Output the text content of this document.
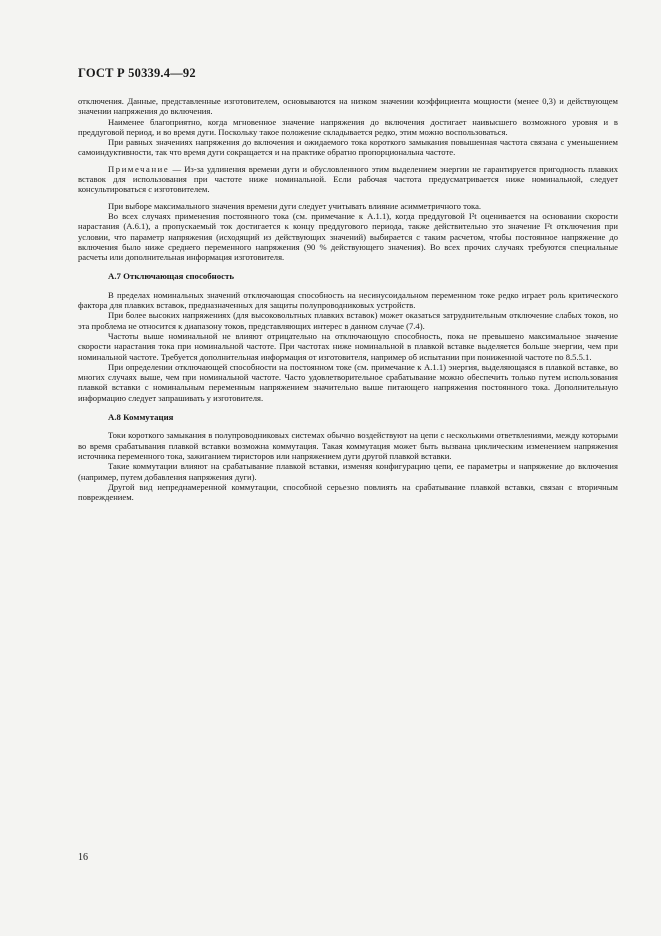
ГОСТ Р 50339.4—92

отключения. Данные, представленные изготовителем, основываются на низком значении коэффициента мощности (менее 0,3) и действующем значении напряжения до включения.

Наименее благоприятно, когда мгновенное значение напряжения до включения достигает наивысшего возможного уровня и в преддуговой период, и во время дуги. Поскольку такое положение складывается редко, этим можно воспользоваться.

При равных значениях напряжения до включения и ожидаемого тока короткого замыкания повышенная частота связана с уменьшением самоиндуктивности, так что время дуги сокращается и на практике обратно пропорциональна частоте.

Примечание — Из-за удлинения времени дуги и обусловленного этим выделением энергии не гарантируется пригодность плавких вставок для использования при частоте ниже номинальной. Если рабочая частота предусматривается ниже номинальной, следует консультироваться с изготовителем.

При выборе максимального значения времени дуги следует учитывать влияние асимметричного тока.

Во всех случаях применения постоянного тока (см. примечание к А.1.1), когда преддуговой I²t оценивается на основании скорости нарастания (А.6.1), а пропускаемый ток достигается к концу преддугового периода, также действительно это значение I²t отключения при условии, что параметр напряжения (исходящий из действующих значений) выбирается с таким расчетом, чтобы постоянное напряжение до включения было ниже среднего переменного напряжения (90 % действующего значения). Во всех прочих случаях требуются специальные расчеты или дополнительная информация изготовителя.

А.7 Отключающая способность

В пределах номинальных значений отключающая способность на несинусоидальном переменном токе редко играет роль критического фактора для плавких вставок, предназначенных для защиты полупроводниковых устройств.

При более высоких напряжениях (для высоковольтных плавких вставок) может оказаться затруднительным отключение слабых токов, но эта проблема не относится к диапазону токов, представляющих интерес в данном случае (7.4).

Частоты выше номинальной не влияют отрицательно на отключающую способность, пока не превышено максимальное значение скорости нарастания тока при номинальной частоте. При частотах ниже номинальной в плавкой вставке выделяется больше энергии, чем при номинальной частоте. Требуется дополнительная информация от изготовителя, например об испытании при пониженной частоте по 8.5.5.1.

При определении отключающей способности на постоянном токе (см. примечание к А.1.1) энергия, выделяющаяся в плавкой вставке, во многих случаях выше, чем при номинальной частоте. Часто удовлетворительное срабатывание можно обеспечить только путем использования плавкой вставки с номинальным переменным напряжением значительно выше питающего напряжения постоянного тока. Дополнительную информацию следует запрашивать у изготовителя.

А.8 Коммутация

Токи короткого замыкания в полупроводниковых системах обычно воздействуют на цепи с несколькими ответвлениями, между которыми во время срабатывания плавкой вставки возможна коммутация. Такая коммутация может быть вызвана циклическим изменением напряжения источника переменного тока, зажиганием тиристоров или напряжением дуги другой плавкой вставки.

Такие коммутации влияют на срабатывание плавкой вставки, изменяя конфигурацию цепи, ее параметры и напряжение до включения (например, путем добавления напряжения дуги).

Другой вид непреднамеренной коммутации, способной серьезно повлиять на срабатывание плавкой вставки, связан с вторичным повреждением.

16
